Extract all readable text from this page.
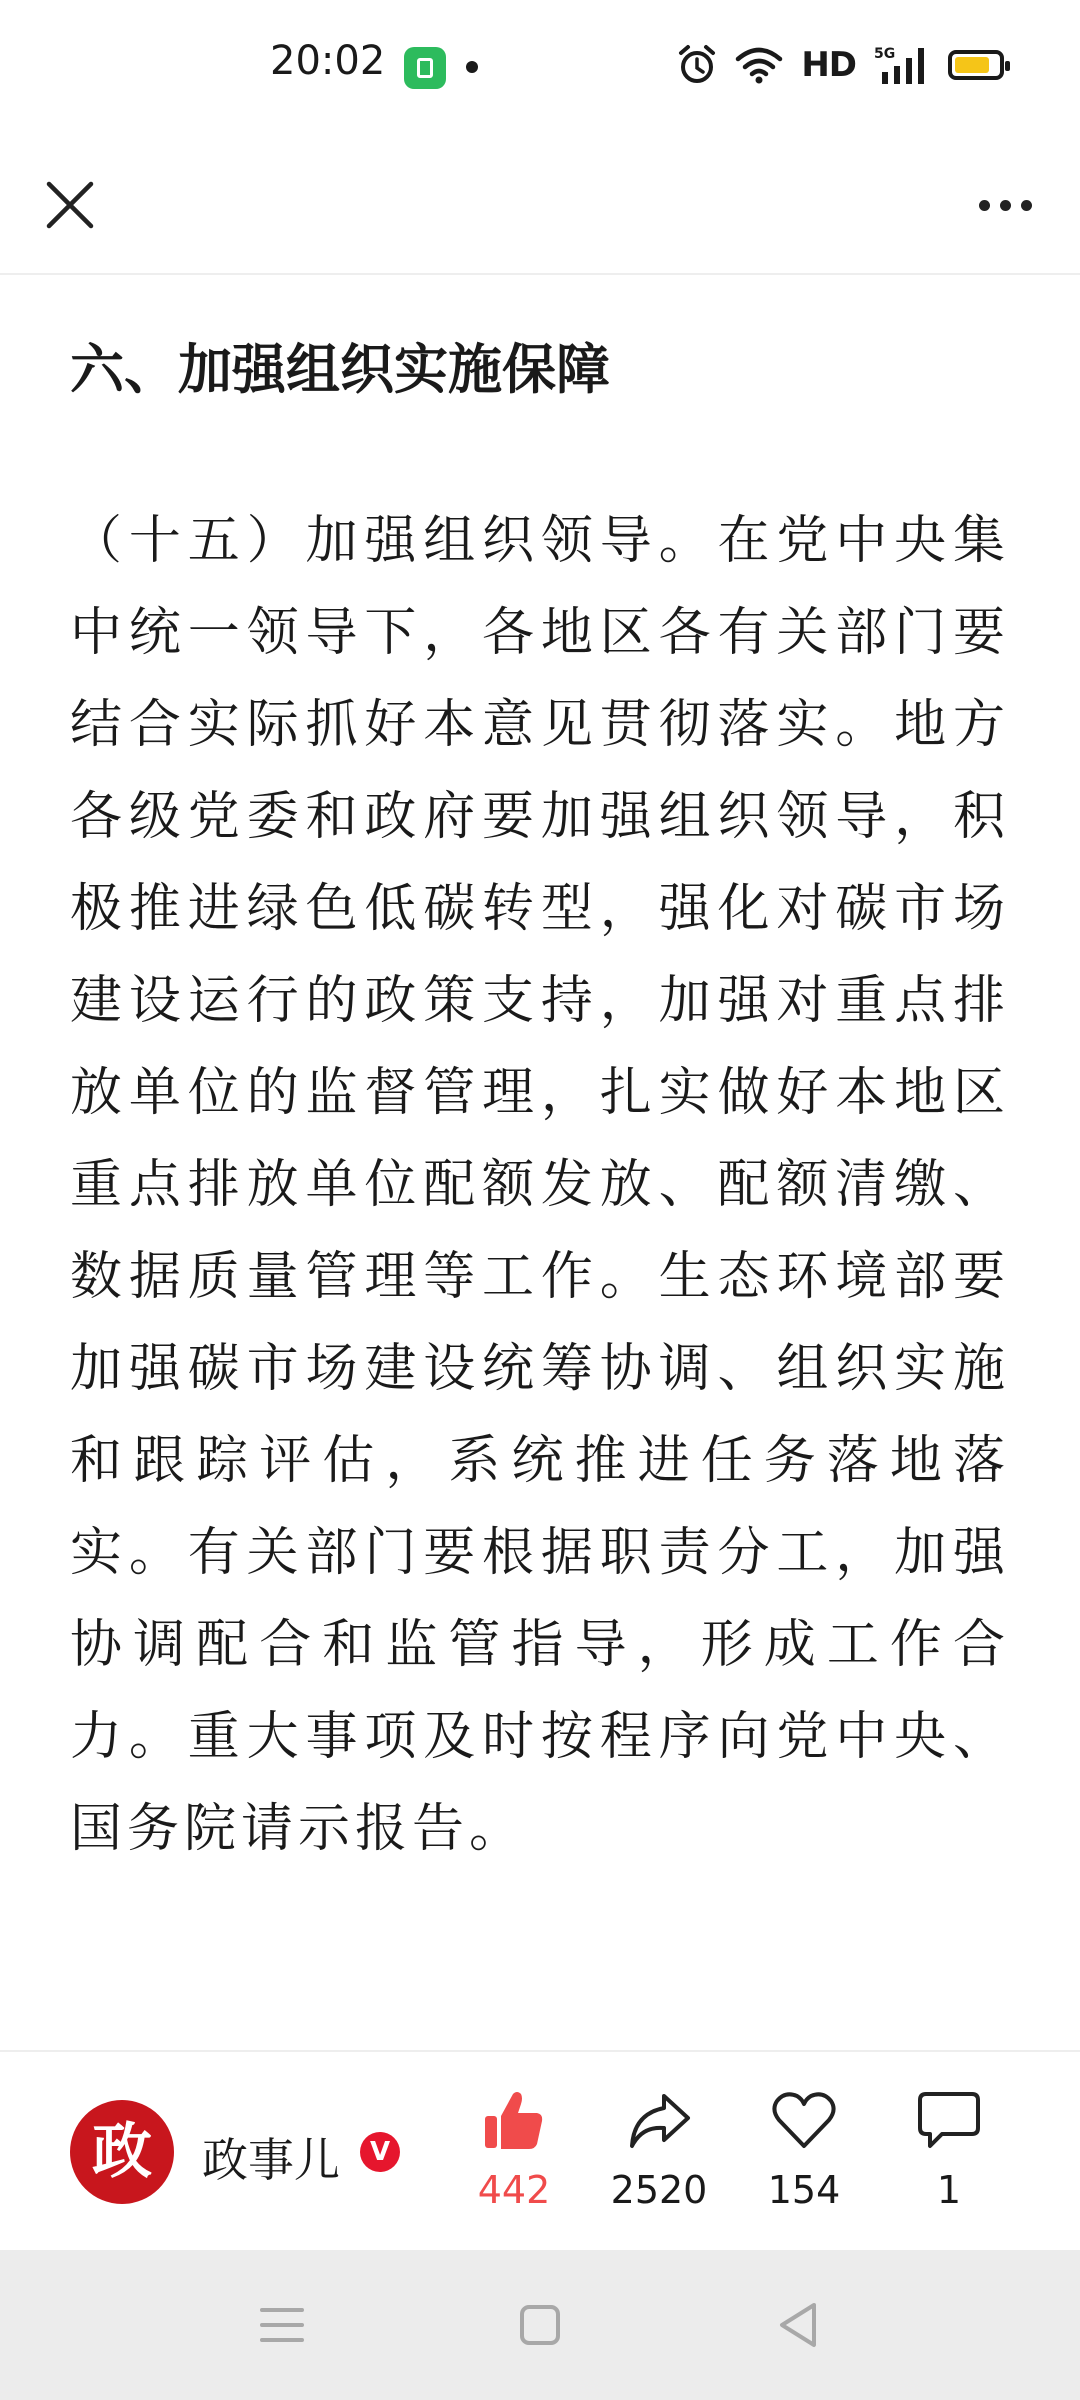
20:02	HD 5G
六、加强组织实施保障

（十五）加强组织领导。在党中央集中统一领导下，各地区各有关部门要结合实际抓好本意见贯彻落实。地方各级党委和政府要加强组织领导，积极推进绿色低碳转型，强化对碳市场建设运行的政策支持，加强对重点排放单位的监督管理，扎实做好本地区重点排放单位配额发放、配额清缴、数据质量管理等工作。生态环境部要加强碳市场建设统筹协调、组织实施和跟踪评估，系统推进任务落地落实。有关部门要根据职责分工，加强协调配合和监管指导，形成工作合力。重大事项及时按程序向党中央、国务院请示报告。

政 政事儿	V
442 2520 154	1
